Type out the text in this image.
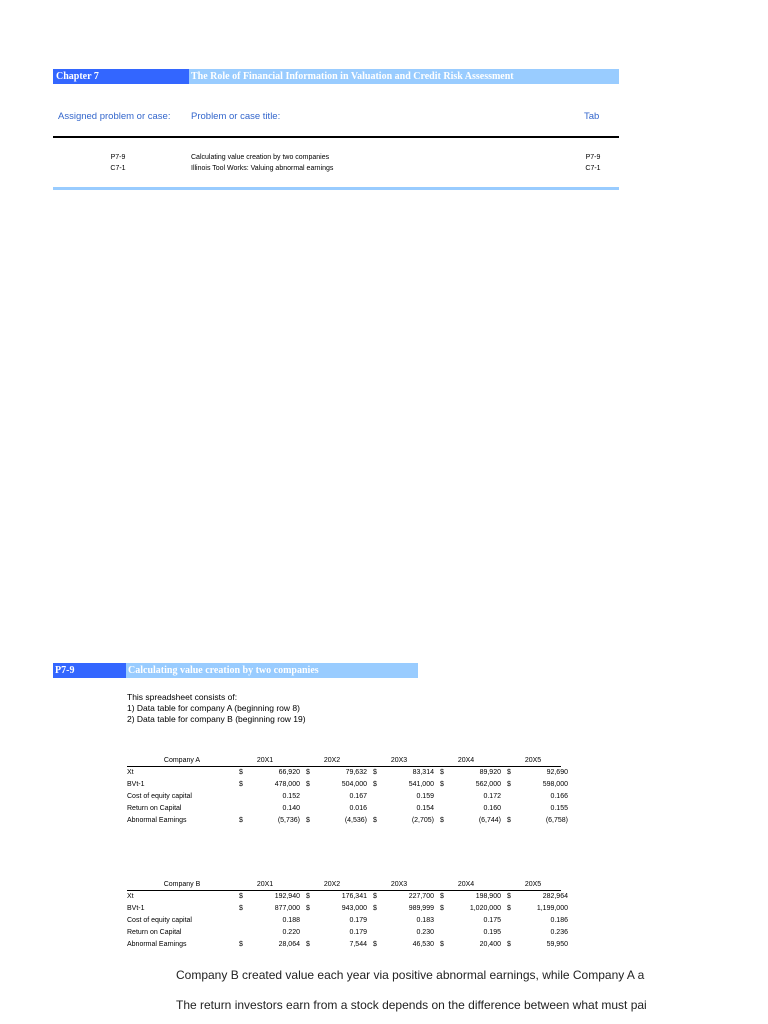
Chapter 7	The Role of Financial Information in Valuation and Credit Risk Assessment
Assigned problem or case: Problem or case title:	Tab
P7-9	Calculating value creation by two companies	P7-9
C7-1	Illinois Tool Works: Valuing abnormal earnings	C7-1
P7-9	Calculating value creation by two companies
This spreadsheet consists of:
1) Data table for company A (beginning row 8)
2) Data table for company B (beginning row 19)
Company A	20X1	20X2	20X3	20X4	20X5
Xt	$	66,920 $	79,632 $	83,314 $	89,920 $	92,690
BVt-1	$	478,000 $	504,000 $	541,000 $	562,000 $	598,000
Cost of equity capital	0.152	0.167	0.159	0.172	0.166
Return on Capital	0.140	0.016	0.154	0.160	0.155
Abnormal Earnings	$	(5,736) $	(4,536) $	(2,705) $	(6,744) $	(6,758)
Company B	20X1	20X2	20X3	20X4	20X5
Xt	$	192,940 $	176,341 $	227,700 $	198,900 $	282,964
BVt-1	$	877,000 $	943,000 $	989,999 $	1,020,000 $	1,199,000
Cost of equity capital	0.188	0.179	0.183	0.175	0.186
Return on Capital	0.220	0.179	0.230	0.195	0.236
Abnormal Earnings	$	28,064 $	7,544 $	46,530 $	20,400 $	59,950
Company B created value each year via positive abnormal earnings, while Company A a
The return investors earn from a stock depends on the difference between what must pai
